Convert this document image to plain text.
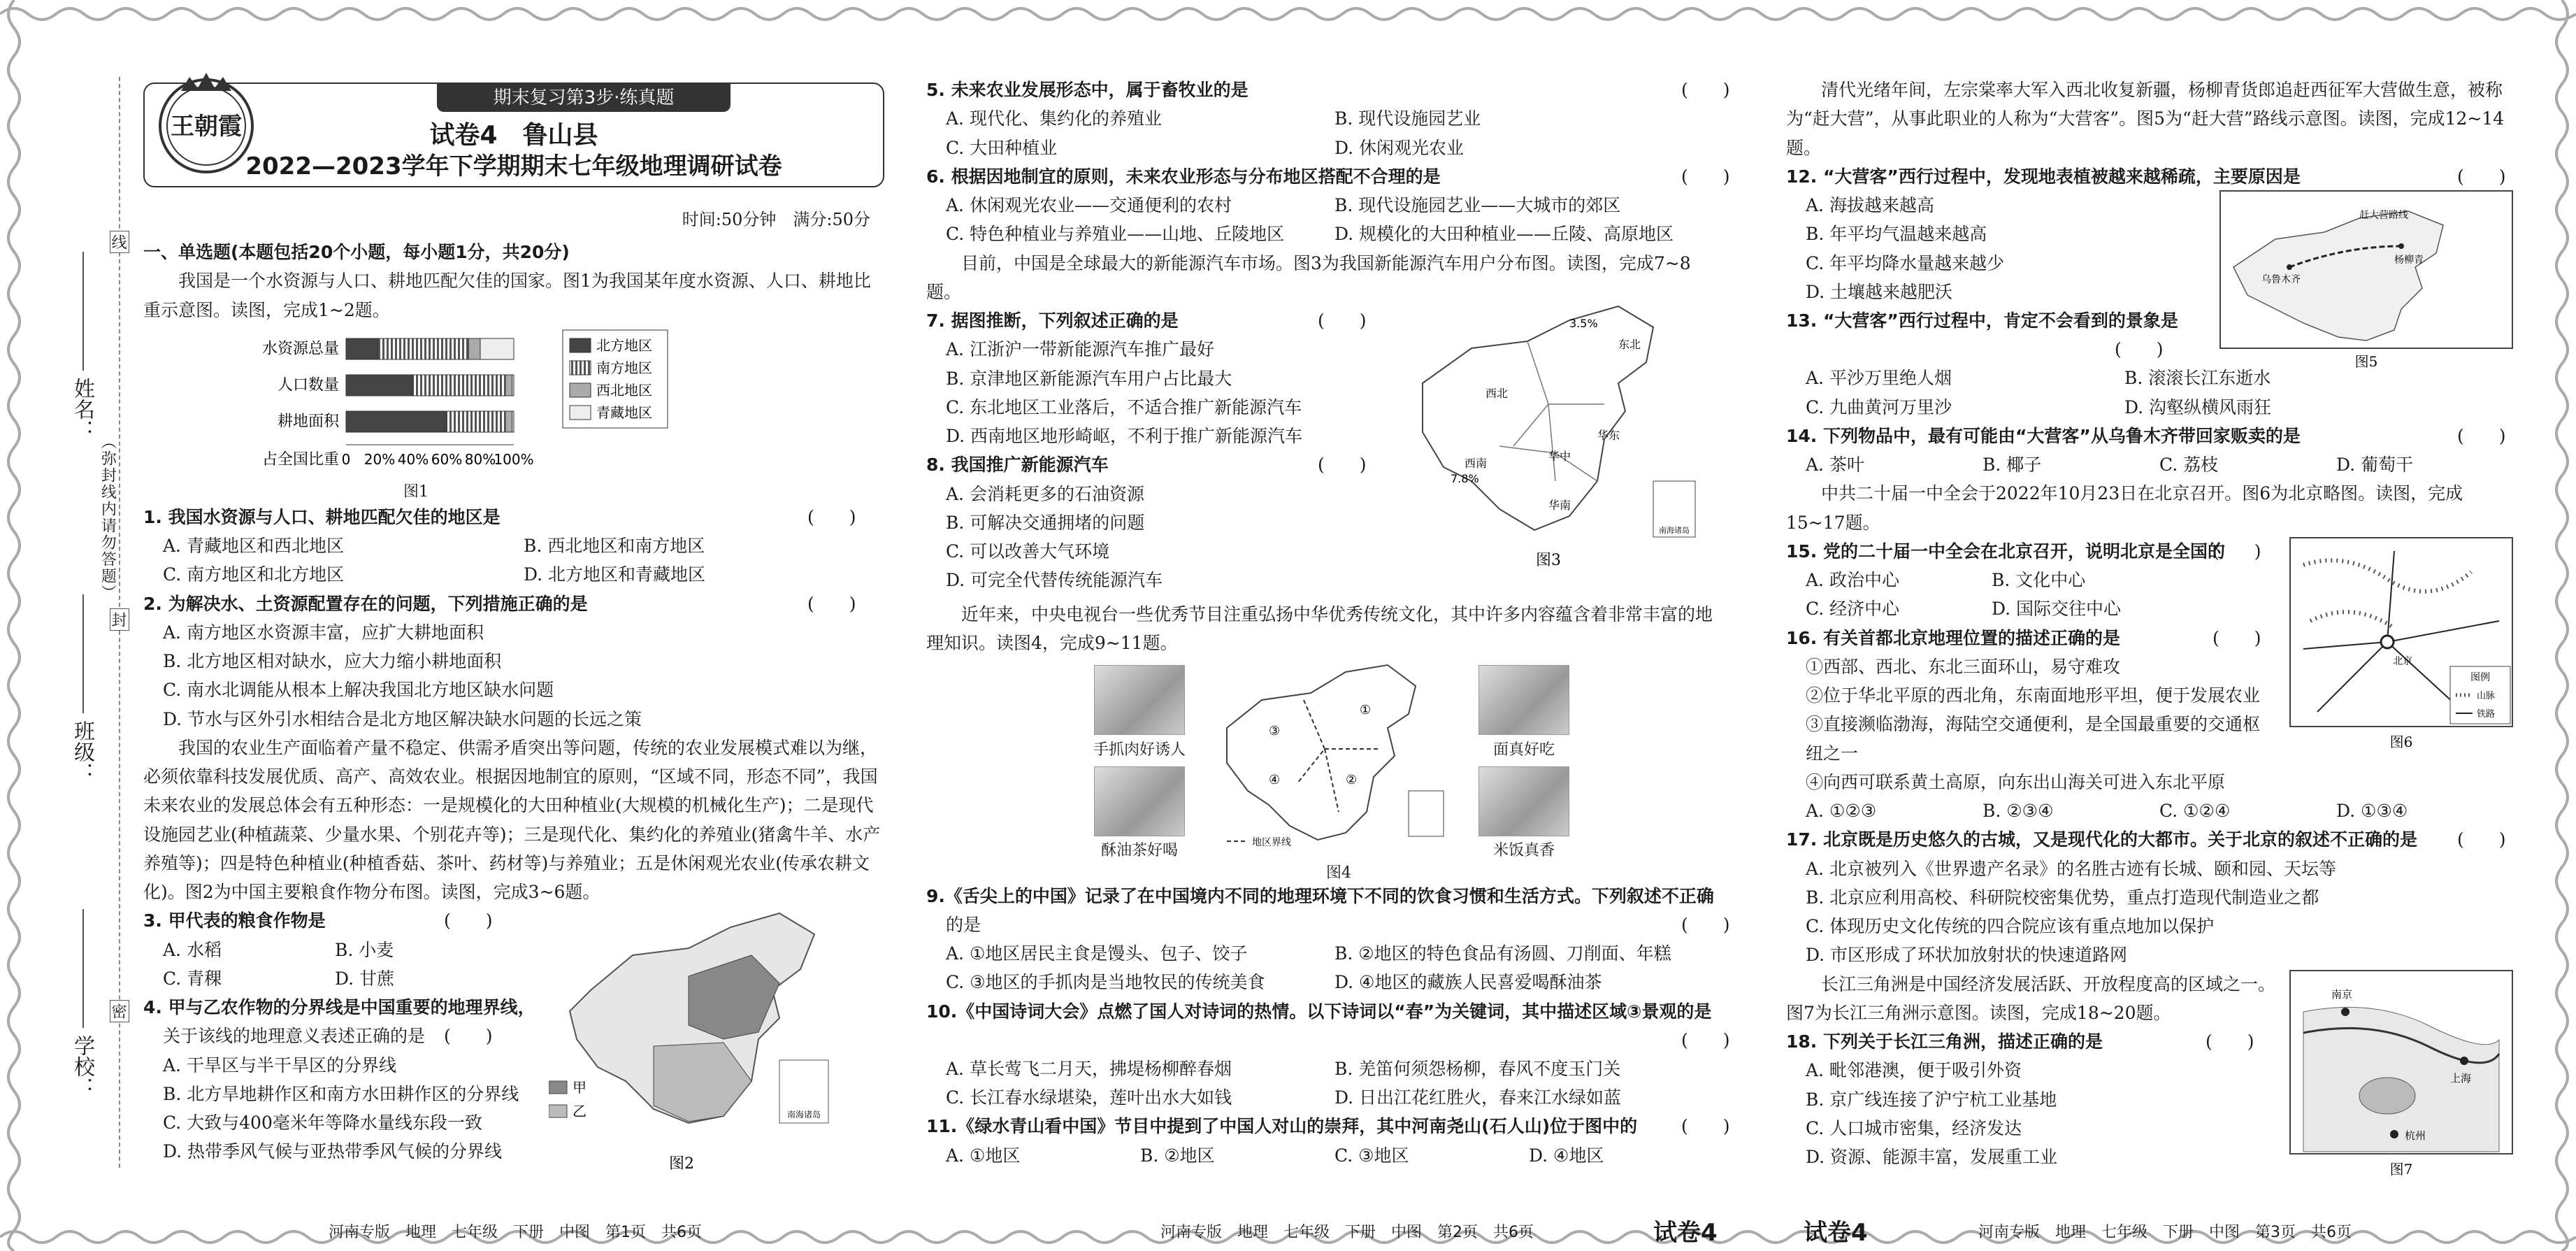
线
封
密
（弥封线内请勿答题）
姓名：
班级：
学校：
期末复习第3步·练真题
王朝霞	试卷4　鲁山县
2022—2023学年下学期期末七年级地理调研试卷
时间:50分钟　满分:50分
一、单选题(本题包括20个小题，每小题1分，共20分)
我国是一个水资源与人口、耕地匹配欠佳的国家。图1为我国某年度水资源、人口、耕地比重示意图。读图，完成1~2题。
水资源总量
人口数量
耕地面积
占全国比重 0 20% 40% 60% 80%
100%
北方地区
南方地区
西北地区
青藏地区
图1
1. 我国水资源与人口、耕地匹配欠佳的地区是	(　　)
A. 青藏地区和西北地区	B. 西北地区和南方地区
C. 南方地区和北方地区	D. 北方地区和青藏地区
2. 为解决水、土资源配置存在的问题，下列措施正确的是	(　　)
A. 南方地区水资源丰富，应扩大耕地面积
B. 北方地区相对缺水，应大力缩小耕地面积
C. 南水北调能从根本上解决我国北方地区缺水问题
D. 节水与区外引水相结合是北方地区解决缺水问题的长远之策
我国的农业生产面临着产量不稳定、供需矛盾突出等问题，传统的农业发展模式难以为继，必须依靠科技发展优质、高产、高效农业。根据因地制宜的原则，“区域不同，形态不同”，我国未来农业的发展总体会有五种形态：一是规模化的大田种植业(大规模的机械化生产)；二是现代设施园艺业(种植蔬菜、少量水果、个别花卉等)；三是现代化、集约化的养殖业(猪禽牛羊、水产养殖等)；四是特色种植业(种植香菇、茶叶、药材等)与养殖业；五是休闲观光农业(传承农耕文化)。图2为中国主要粮食作物分布图。读图，完成3~6题。
3. 甲代表的粮食作物是	(　　)
A. 水稻	B. 小麦
C. 青稞	D. 甘蔗
4. 甲与乙农作物的分界线是中国重要的地理界线，
关于该线的地理意义表述正确的是 (　　)
A. 干旱区与半干旱区的分界线
B. 北方旱地耕作区和南方水田耕作区的分界线
C. 大致与400毫米年等降水量线东段一致
D. 热带季风气候与亚热带季风气候的分界线
南海诸岛
甲
乙
图2
5. 未来农业发展形态中，属于畜牧业的是	(　　)
A. 现代化、集约化的养殖业	B. 现代设施园艺业
C. 大田种植业	D. 休闲观光农业
6. 根据因地制宜的原则，未来农业形态与分布地区搭配不合理的是	(　　)
A. 休闲观光农业——交通便利的农村	B. 现代设施园艺业——大城市的郊区
C. 特色种植业与养殖业——山地、丘陵地区	D. 规模化的大田种植业——丘陵、高原地区
目前，中国是全球最大的新能源汽车市场。图3为我国新能源汽车用户分布图。读图，完成7~8题。
7. 据图推断，下列叙述正确的是	(　　)
A. 江浙沪一带新能源汽车推广最好
B. 京津地区新能源汽车用户占比最大
C. 东北地区工业落后，不适合推广新能源汽车
D. 西南地区地形崎岖，不利于推广新能源汽车
8. 我国推广新能源汽车	(　　)
A. 会消耗更多的石油资源
B. 可解决交通拥堵的问题
C. 可以改善大气环境
D. 可完全代替传统能源汽车
3.5%
西北
西南
7.8%
华东
华南
华中
东北
南海诸岛
图3
近年来，中央电视台一些优秀节目注重弘扬中华优秀传统文化，其中许多内容蕴含着非常丰富的地理知识。读图4，完成9~11题。
手抓肉好诱人
酥油茶好喝
面真好吃
米饭真香
①
②
③
④
地区界线
图4
9.《舌尖上的中国》记录了在中国境内不同的地理环境下不同的饮食习惯和生活方式。下列叙述不正确
的是	(　　)
A. ①地区居民主食是馒头、包子、饺子	B. ②地区的特色食品有汤圆、刀削面、年糕
C. ③地区的手抓肉是当地牧民的传统美食	D. ④地区的藏族人民喜爱喝酥油茶
10.《中国诗词大会》点燃了国人对诗词的热情。以下诗词以“春”为关键词，其中描述区域③景观的是
(　　)
A. 草长莺飞二月天，拂堤杨柳醉春烟	B. 羌笛何须怨杨柳，春风不度玉门关
C. 长江春水绿堪染，莲叶出水大如钱	D. 日出江花红胜火，春来江水绿如蓝
11.《绿水青山看中国》节目中提到了中国人对山的崇拜，其中河南尧山(石人山)位于图中的	(　　)
A. ①地区	B. ②地区	C. ③地区	D. ④地区
清代光绪年间，左宗棠率大军入西北收复新疆，杨柳青货郎追赶西征军大营做生意，被称为“赶大营”，从事此职业的人称为“大营客”。图5为“赶大营”路线示意图。读图，完成12~14题。
12. “大营客”西行过程中，发现地表植被越来越稀疏，主要原因是	(　　)
A. 海拔越来越高
B. 年平均气温越来越高
C. 年平均降水量越来越少
D. 土壤越来越肥沃
13. “大营客”西行过程中，肯定不会看到的景象是
(　　)
A. 平沙万里绝人烟	B. 滚滚长江东逝水
C. 九曲黄河万里沙	D. 沟壑纵横风雨狂
赶大营路线
杨柳青
乌鲁木齐
图5
14. 下列物品中，最有可能由“大营客”从乌鲁木齐带回家贩卖的是	(　　)
A. 茶叶	B. 椰子	C. 荔枝	D. 葡萄干
中共二十届一中全会于2022年10月23日在北京召开。图6为北京略图。读图，完成15~17题。
15. 党的二十届一中全会在北京召开，说明北京是全国的
(　　)
A. 政治中心	B. 文化中心
C. 经济中心	D. 国际交往中心
16. 有关首都北京地理位置的描述正确的是	(　　)
①西部、西北、东北三面环山，易守难攻
②位于华北平原的西北角，东南面地形平坦，便于发展农业
③直接濒临渤海，海陆空交通便利，是全国最重要的交通枢
纽之一
④向西可联系黄土高原，向东出山海关可进入东北平原
A. ①②③	B. ②③④	C. ①②④	D. ①③④
北京
图例
山脉
铁路
图6
17. 北京既是历史悠久的古城，又是现代化的大都市。关于北京的叙述不正确的是 (　　)
A. 北京被列入《世界遗产名录》的名胜古迹有长城、颐和园、天坛等
B. 北京应利用高校、科研院校密集优势，重点打造现代制造业之都
C. 体现历史文化传统的四合院应该有重点地加以保护
D. 市区形成了环状加放射状的快速道路网
长江三角洲是中国经济发展活跃、开放程度高的区域之一。图7为长江三角洲示意图。读图，完成18~20题。
18. 下列关于长江三角洲，描述正确的是	(　　)
A. 毗邻港澳，便于吸引外资
B. 京广线连接了沪宁杭工业基地
C. 人口城市密集，经济发达
D. 资源、能源丰富，发展重工业
南京
上海
杭州
图7
河南专版　地理　七年级　下册　中图　第1页　共6页	河南专版　地理　七年级　下册　中图　第2页　共6页	试卷4	试卷4	河南专版　地理　七年级　下册　中图　第3页　共6页
